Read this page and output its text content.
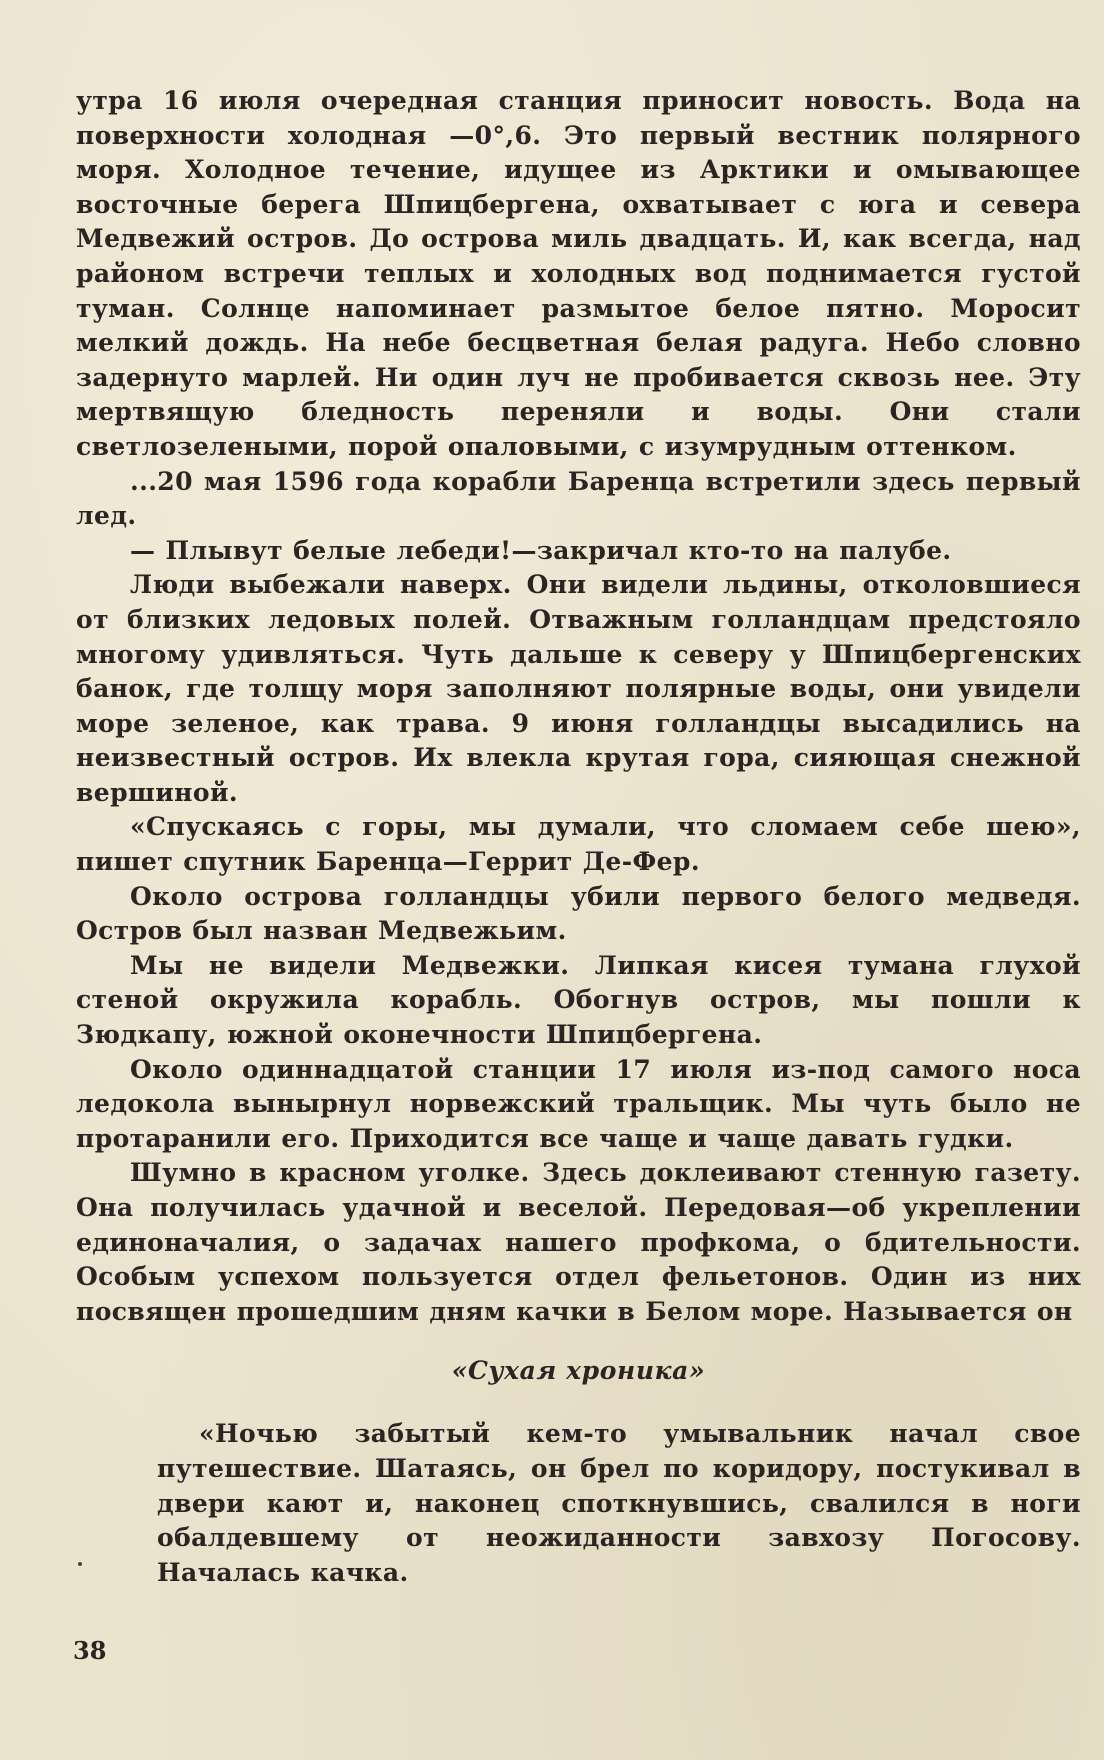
утра 16 июля очередная станция приносит новость. Вода на поверхности холодная —0°,6. Это первый вестник полярного моря. Холодное течение, идущее из Арктики и омывающее восточные берега Шпицбергена, охватывает с юга и севера Медвежий остров. До острова миль двадцать. И, как всегда, над районом встречи теплых и холодных вод поднимается густой туман. Солнце напоминает размытое белое пятно. Моросит мелкий дождь. На небе бесцветная белая радуга. Небо словно задернуто марлей. Ни один луч не пробивается сквозь нее. Эту мертвящую бледность переняли и воды. Они стали светлозелеными, порой опаловыми, с изумрудным оттенком.

...20 мая 1596 года корабли Баренца встретили здесь первый лед.

— Плывут белые лебеди!—закричал кто-то на палубе.

Люди выбежали наверх. Они видели льдины, отколовшиеся от близких ледовых полей. Отважным голландцам предстояло многому удивляться. Чуть дальше к северу у Шпицбергенских банок, где толщу моря заполняют полярные воды, они увидели море зеленое, как трава. 9 июня голландцы высадились на неизвестный остров. Их влекла крутая гора, сияющая снежной вершиной.

«Спускаясь с горы, мы думали, что сломаем себе шею», пишет спутник Баренца—Геррит Де-Фер.

Около острова голландцы убили первого белого медведя. Остров был назван Медвежьим.

Мы не видели Медвежки. Липкая кисея тумана глухой стеной окружила корабль. Обогнув остров, мы пошли к Зюдкапу, южной оконечности Шпицбергена.

Около одиннадцатой станции 17 июля из-под самого носа ледокола вынырнул норвежский тральщик. Мы чуть было не протаранили его. Приходится все чаще и чаще давать гудки.

Шумно в красном уголке. Здесь доклеивают стенную газету. Она получилась удачной и веселой. Передовая—об укреплении единоначалия, о задачах нашего профкома, о бдительности. Особым успехом пользуется отдел фельетонов. Один из них посвящен прошедшим дням качки в Белом море. Называется он

«Сухая хроника»

«Ночью забытый кем-то умывальник начал свое путешествие. Шатаясь, он брел по коридору, постукивал в двери кают и, наконец споткнувшись, свалился в ноги обалдевшему от неожиданности завхозу Погосову. Началась качка.

38
